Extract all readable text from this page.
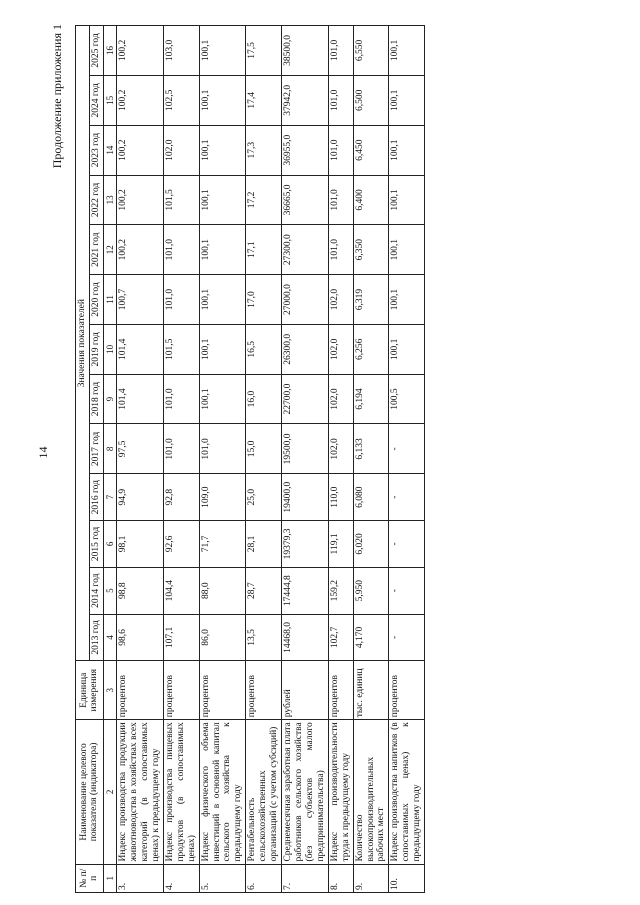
14
Продолжение приложения 1
№ п/п	Наименование целевого показателя (индикатора)	Единица измерения	Значения показателей												
			2013 год	2014 год	2015 год	2016 год	2017 год	2018 год	2019 год	2020 год	2021 год	2022 год	2023 год	2024 год	2025 год
1	2	3	4	5	6	7	8	9	10	11	12	13	14	15	16
3.	Индекс производства продукции животноводства в хозяйствах всех категорий (в сопоставимых ценах) к предыдущему году	процентов	98,6	98,8	98,1	94,9	97,5	101,4	101,4	100,7	100,2	100,2	100,2	100,2	100,2
4.	Индекс производства пищевых продуктов (в сопоставимых ценах)	процентов	107,1	104,4	92,6	92,8	101,0	101,0	101,5	101,0	101,0	101,5	102,0	102,5	103,0
5.	Индекс физического объема инвестиций в основной капитал сельского хозяйства к предыдущему году	процентов	86,0	88,0	71,7	109,0	101,0	100,1	100,1	100,1	100,1	100,1	100,1	100,1	100,1
6.	Рентабельность сельскохозяйственных организаций (с учетом субсидий)	процентов	13,5	28,7	28,1	25,0	15,0	16,0	16,5	17,0	17,1	17,2	17,3	17,4	17,5
7.	Среднемесячная заработная плата работников сельского хозяйства (без субъектов малого предпринимательства)	рублей	14468,0	17444,8	19379,3	19400,0	19500,0	22700,0	26300,0	27000,0	27300,0	36665,0	36955,0	37942,0	38500,0
8.	Индекс производительности труда к предыдущему году	процентов	102,7	159,2	119,1	110,0	102,0	102,0	102,0	102,0	101,0	101,0	101,0	101,0	101,0
9.	Количество высокопроизводительных рабочих мест	тыс. единиц	4,170	5,950	6,020	6,080	6,133	6,194	6,256	6,319	6,350	6,400	6,450	6,500	6,550
10.	Индекс производства напитков (в сопоставимых ценах) к предыдущему году	процентов	-	-	-	-	-	100,5	100,1	100,1	100,1	100,1	100,1	100,1	100,1
